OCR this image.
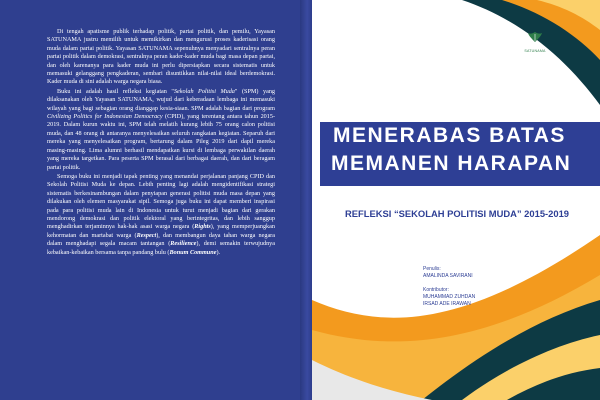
Di tengah apatisme publik terhadap politik, partai politik, dan pemilu, Yayasan SATUNAMA justru memilih untuk memikirkan dan mengurusi proses kaderisasi orang muda dalam partai politik. Yayasan SATUNAMA sepenuhnya menyadari sentralnya peran partai politik dalam demokrasi, sentralnya peran kader-kader muda bagi masa depan partai, dan oleh karenanya para kader muda ini perlu dipersiapkan secara sistematis untuk memasuki gelanggang pengkaderan, sembari disuntikkan nilai-nilai ideal berdemokrasi. Kader muda di sini adalah warga negara biasa.

Buku ini adalah hasil refleksi kegiatan "Sekolah Politisi Muda" (SPM) yang dilaksanakan oleh Yayasan SATUNAMA, wujud dari keberadaan lembaga ini memasuki wilayah yang bagi sebagian orang dianggap kesia-siaan. SPM adalah bagian dari program Civilizing Politics for Indonesian Democracy (CPID), yang terentang antara tahun 2015-2019. Dalam kurun waktu ini, SPM telah melatih kurang lebih 75 orang calon politisi muda, dan 48 orang di antaranya menyelesaikan seluruh rangkaian kegiatan. Separuh dari mereka yang menyelesaikan program, bertarung dalam Pileg 2019 dari dapil mereka masing-masing. Lima alumni berhasil mendapatkan kursi di lembaga perwakilan daerah yang mereka targetkan. Para peserta SPM berasal dari berbagai daerah, dan dari beragam partai politik.

Semoga buku ini menjadi tapak penting yang menandai perjalanan panjang CPID dan Sekolah Politisi Muda ke depan. Lebih penting lagi adalah mengidentifikasi strategi sistematis berkesinambungan dalam penyiapan generasi politisi muda masa depan yang dilakukan oleh elemen masyarakat sipil. Semoga juga buku ini dapat memberi inspirasi pada para politisi muda lain di Indonesia untuk turut menjadi bagian dari gerakan mendorong demokrasi dan politik elektoral yang berintegritas, dan lebih sanggup menghadirkan terjaminnya hak-hak asasi warga negara (Rights), yang memperjuangkan kehormatan dan martabat warga (Respect), dan membangun daya tahan warga negara dalam menghadapi segala macam tantangan (Resilience), demi semakin terwujudnya kebaikan-kebaikan bersama tanpa pandang bulu (Bonum Commune).

SATUNAMA
MENERABAS BATAS
MEMANEN HARAPAN
REFLEKSI “SEKOLAH POLITISI MUDA” 2015-2019
Penulis:
AMALINDA SAVIRANI
Kontributor:
MUHAMMAD ZUHDAN
IRSAD ADE IRAWAN
